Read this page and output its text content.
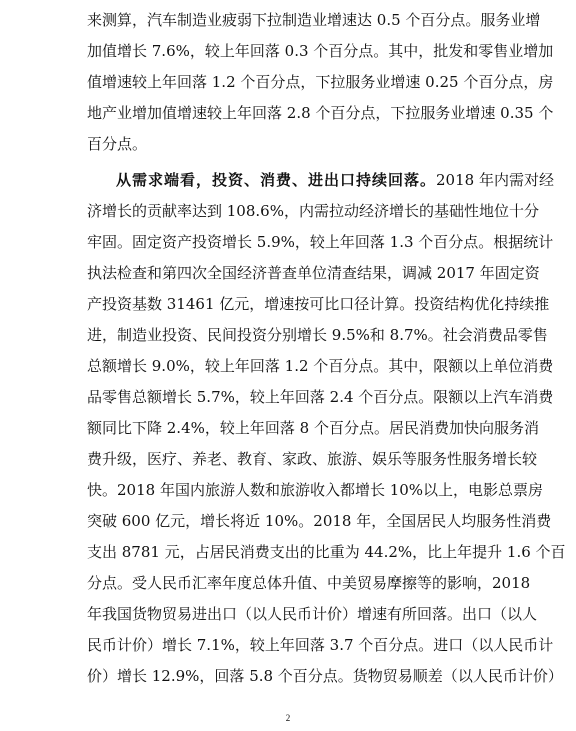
来测算，汽车制造业疲弱下拉制造业增速达 0.5 个百分点。服务业增
加值增长 7.6%，较上年回落 0.3 个百分点。其中，批发和零售业增加
值增速较上年回落 1.2 个百分点，下拉服务业增速 0.25 个百分点，房
地产业增加值增速较上年回落 2.8 个百分点，下拉服务业增速 0.35 个
百分点。
从需求端看，投资、消费、进出口持续回落。2018 年内需对经
济增长的贡献率达到 108.6%，内需拉动经济增长的基础性地位十分
牢固。固定资产投资增长 5.9%，较上年回落 1.3 个百分点。根据统计
执法检查和第四次全国经济普查单位清查结果，调减 2017 年固定资
产投资基数 31461 亿元，增速按可比口径计算。投资结构优化持续推
进，制造业投资、民间投资分别增长 9.5%和 8.7%。社会消费品零售
总额增长 9.0%，较上年回落 1.2 个百分点。其中，限额以上单位消费
品零售总额增长 5.7%，较上年回落 2.4 个百分点。限额以上汽车消费
额同比下降 2.4%，较上年回落 8 个百分点。居民消费加快向服务消
费升级，医疗、养老、教育、家政、旅游、娱乐等服务性服务增长较
快。2018 年国内旅游人数和旅游收入都增长 10%以上，电影总票房
突破 600 亿元，增长将近 10%。2018 年，全国居民人均服务性消费
支出 8781 元，占居民消费支出的比重为 44.2%，比上年提升 1.6 个百
分点。受人民币汇率年度总体升值、中美贸易摩擦等的影响，2018
年我国货物贸易进出口（以人民币计价）增速有所回落。出口（以人
民币计价）增长 7.1%，较上年回落 3.7 个百分点。进口（以人民币计
价）增长 12.9%，回落 5.8 个百分点。货物贸易顺差（以人民币计价）
2
